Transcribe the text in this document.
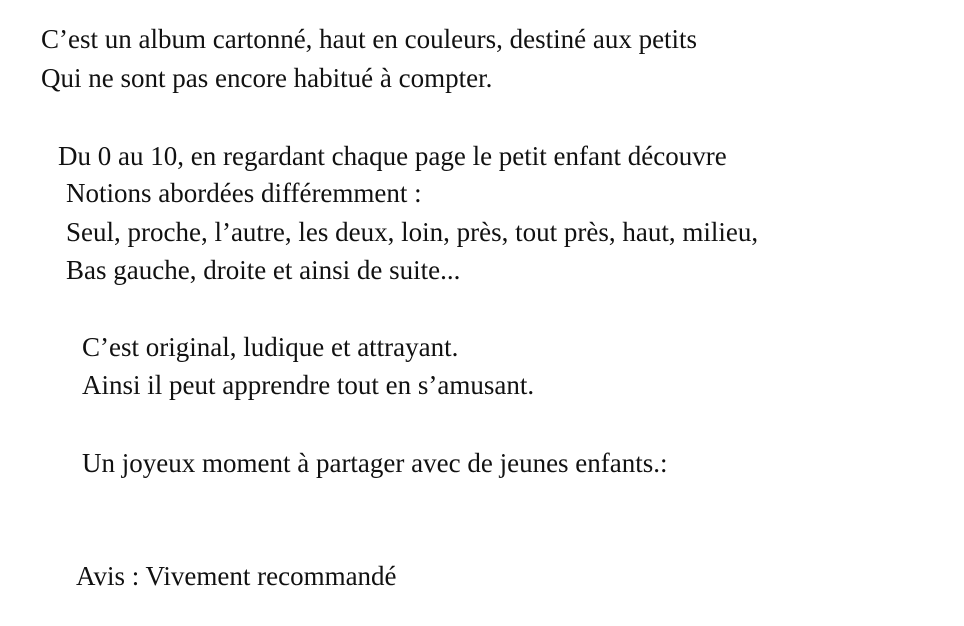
C’est un album cartonné, haut en couleurs, destiné aux petits
Qui ne sont pas encore habitué à compter.
Du 0 au 10, en regardant chaque page le petit enfant découvre
Notions abordées différemment :
Seul, proche, l’autre, les deux, loin, près, tout près, haut, milieu,
Bas gauche, droite et ainsi de suite...
C’est original, ludique et attrayant.
Ainsi il peut apprendre tout en s’amusant.
Un joyeux moment à partager avec de jeunes enfants.:
Avis : Vivement recommandé
